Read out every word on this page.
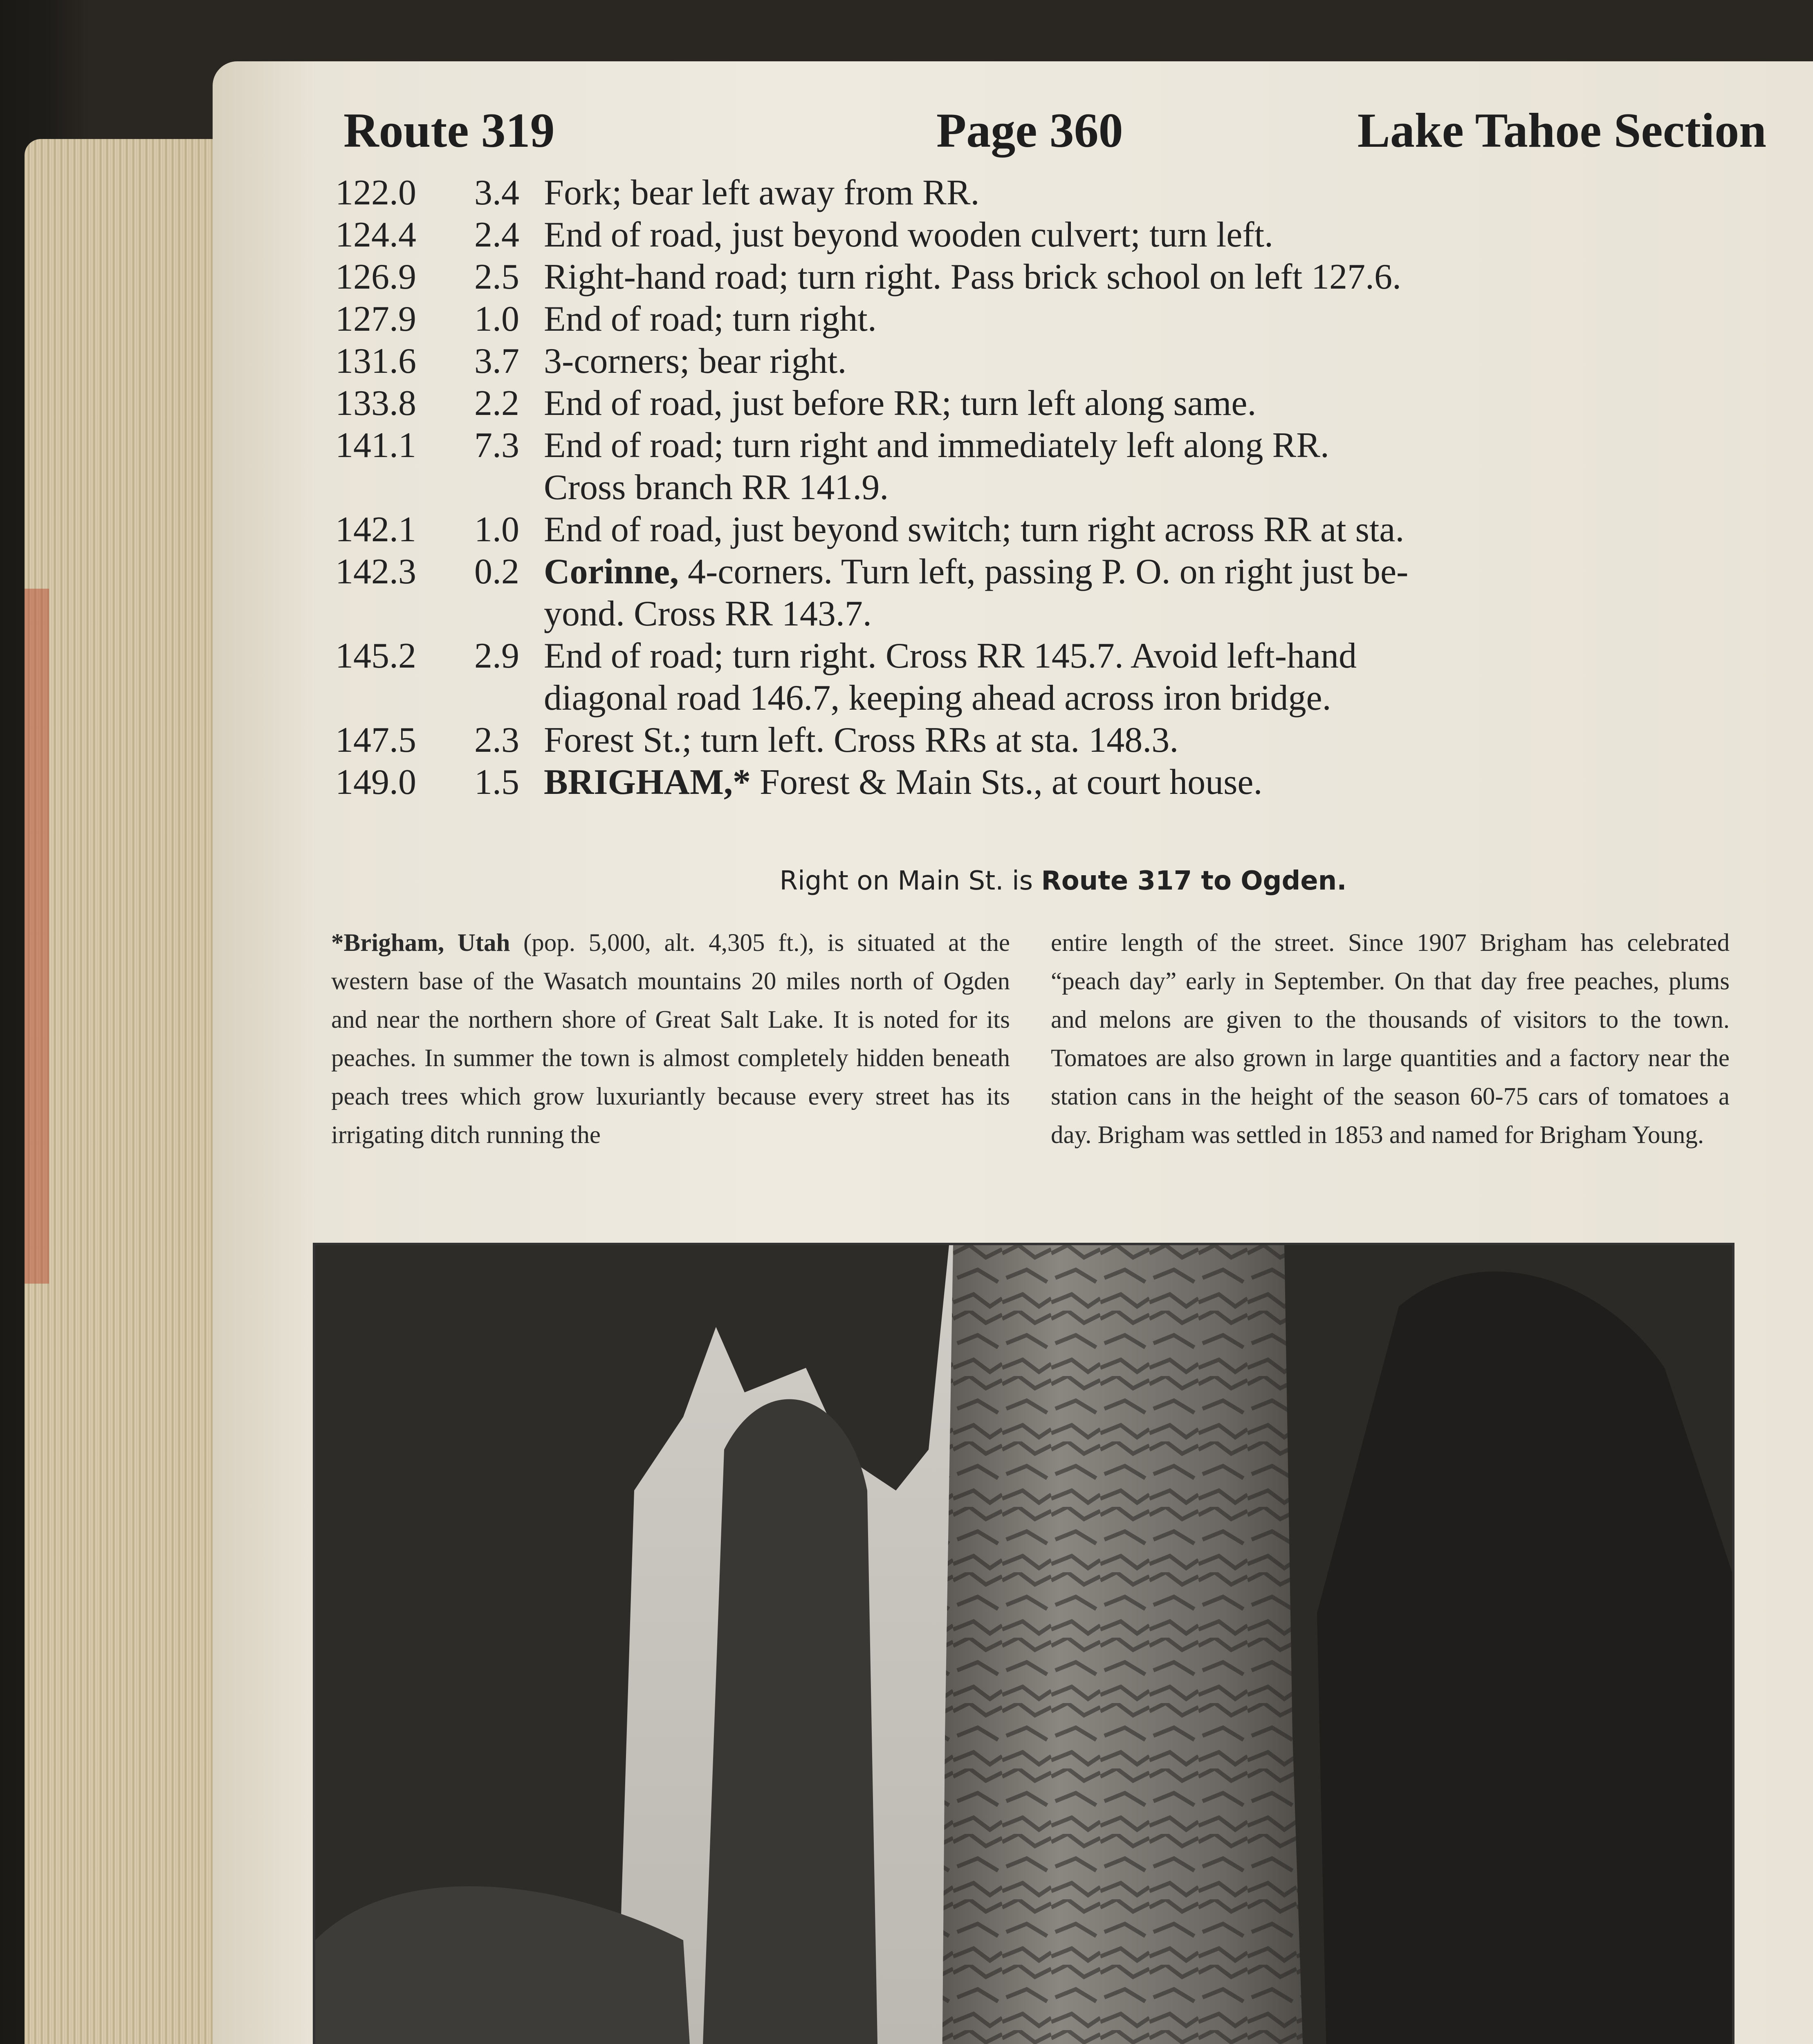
Route 319	Page 360	Lake Tahoe Section
122.0	3.4 Fork; bear left away from RR.
124.4	2.4 End of road, just beyond wooden culvert; turn left.
126.9	2.5 Right-hand road; turn right. Pass brick school on left 127.6.
127.9	1.0 End of road; turn right.
131.6	3.7 3-corners; bear right.
133.8	2.2 End of road, just before RR; turn left along same.
141.1	7.3 End of road; turn right and immediately left along RR.
Cross branch RR 141.9.
142.1	1.0 End of road, just beyond switch; turn right across RR at sta.
142.3	0.2 Corinne, 4-corners. Turn left, passing P. O. on right just be-
yond. Cross RR 143.7.
145.2	2.9 End of road; turn right. Cross RR 145.7. Avoid left-hand
diagonal road 146.7, keeping ahead across iron bridge.
147.5	2.3 Forest St.; turn left. Cross RRs at sta. 148.3.
149.0	1.5 BRIGHAM,* Forest & Main Sts., at court house.
Right on Main St. is Route 317 to Ogden.
*Brigham, Utah (pop. 5,000, alt. 4,305 ft.), is situated at the western base of the Wasatch mountains 20 miles north of Ogden and near the northern shore of Great Salt Lake. It is noted for its peaches. In summer the town is almost completely hidden beneath peach trees which grow luxuriantly because every street has its irrigating ditch running the
entire length of the street. Since 1907 Brigham has celebrated “peach day” early in September. On that day free peaches, plums and melons are given to the thousands of visitors to the town. Tomatoes are also grown in large quantities and a factory near the station cans in the height of the season 60-75 cars of tomatoes a day. Brigham was settled in 1853 and named for Brigham Young.
